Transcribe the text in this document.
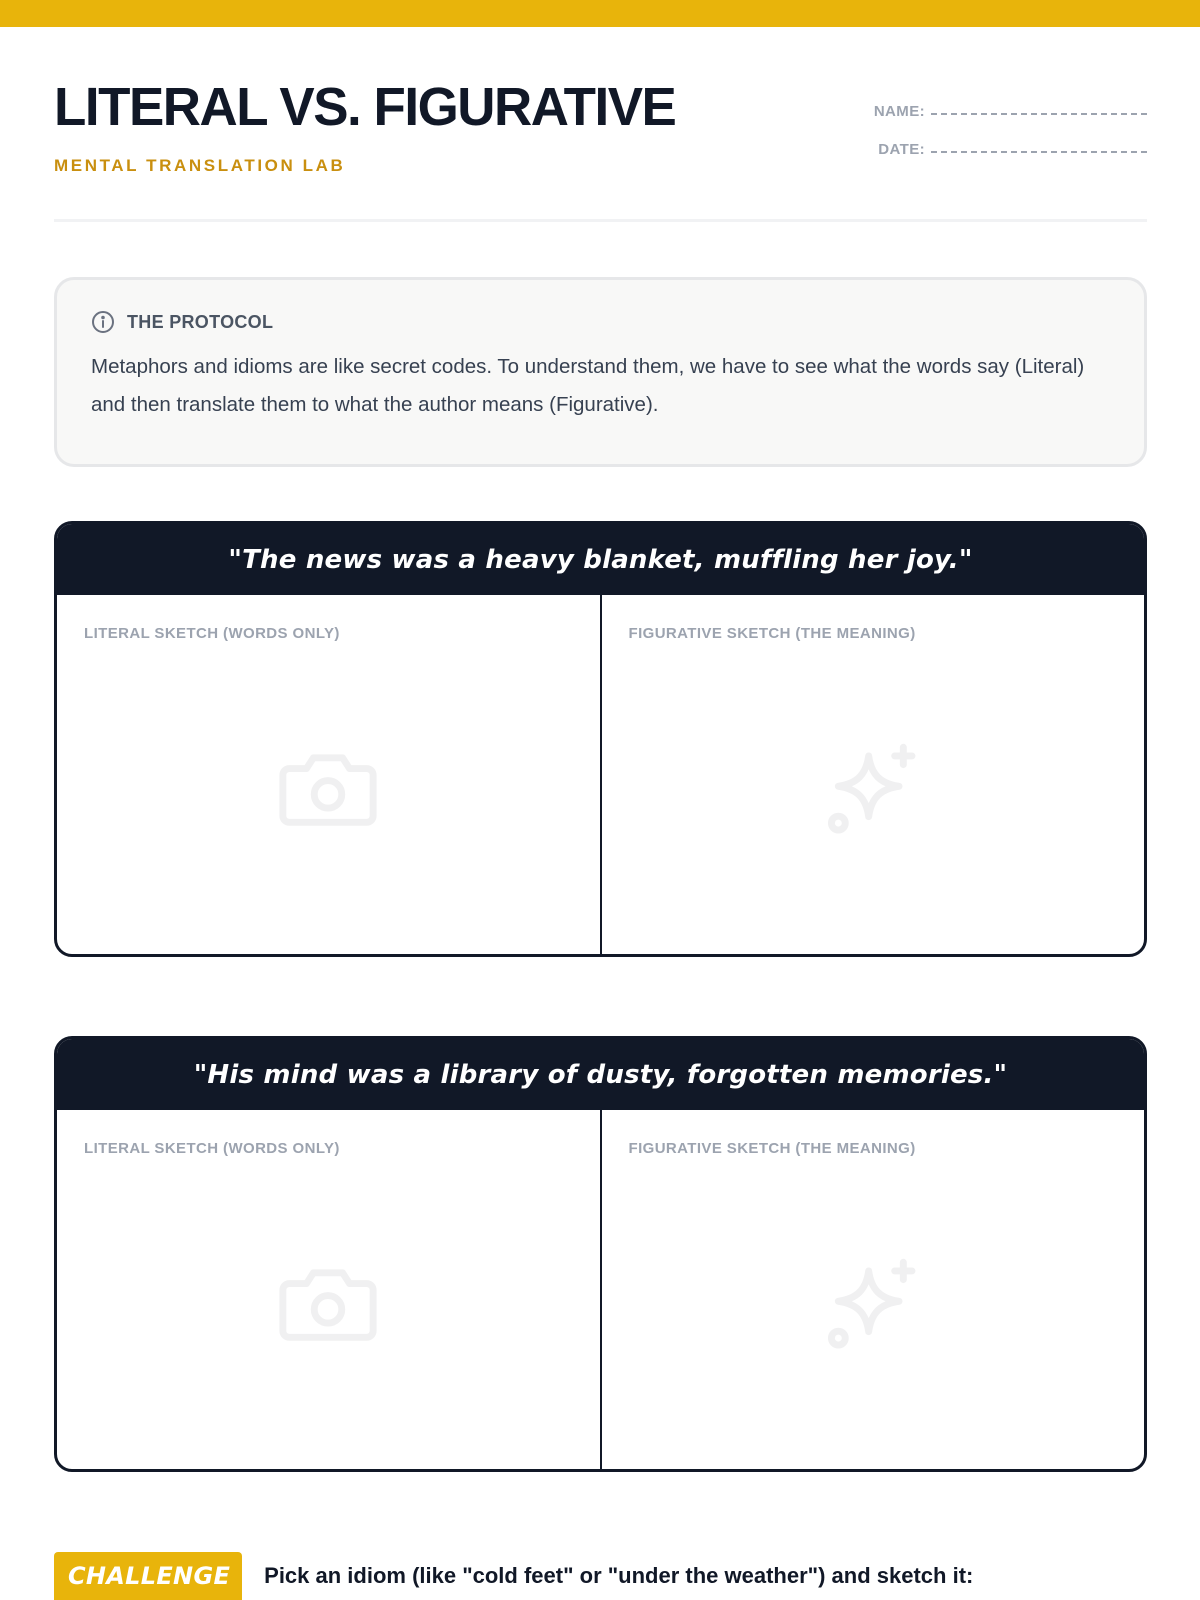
LITERAL VS. FIGURATIVE
MENTAL TRANSLATION LAB
NAME:
DATE:
THE PROTOCOL

Metaphors and idioms are like secret codes. To understand them, we have to see what the words say (Literal) and then translate them to what the author means (Figurative).

"The news was a heavy blanket, muffling her joy."
LITERAL SKETCH (WORDS ONLY)	FIGURATIVE SKETCH (THE MEANING)
"His mind was a library of dusty, forgotten memories."
LITERAL SKETCH (WORDS ONLY)	FIGURATIVE SKETCH (THE MEANING)
CHALLENGE	Pick an idiom (like "cold feet" or "under the weather") and sketch it:
